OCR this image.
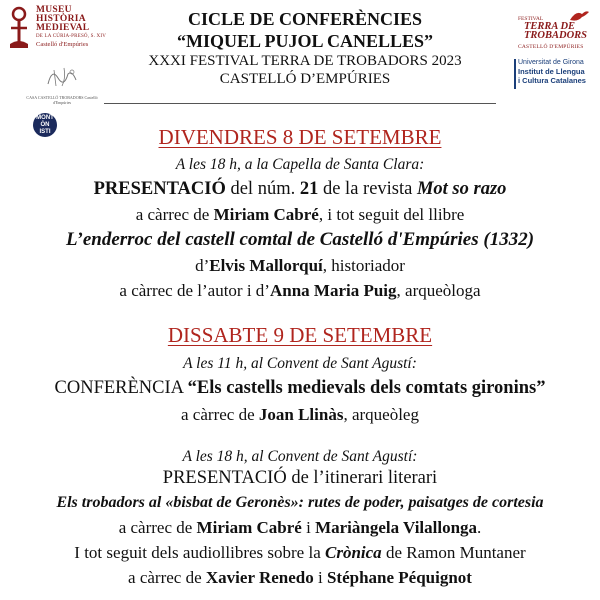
MUSEU
HISTÒRIA
MEDIEVAL
DE LA CÚRIA-PRESÓ, S. XIV
Castelló d'Empúries
CASA CASTELLÓ TROBADORS Castelló d'Empúries
MONT
ÒN
ISTI
FESTIVAL
TERRA DE TROBADORS
CASTELLÓ D'EMPÚRIES
Universitat de Girona
Institut de Llengua
i Cultura Catalanes
CICLE DE CONFERÈNCIES
“MIQUEL PUJOL CANELLES”
XXXI FESTIVAL TERRA DE TROBADORS 2023
CASTELLÓ D’EMPÚRIES
DIVENDRES 8 DE SETEMBRE
A les 18 h, a la Capella de Santa Clara:
PRESENTACIÓ del núm. 21 de la revista Mot so razo
a càrrec de Miriam Cabré, i tot seguit del llibre
L’enderroc del castell comtal de Castelló d'Empúries (1332)
d’Elvis Mallorquí, historiador
a càrrec de l’autor i d’Anna Maria Puig, arqueòloga
DISSABTE 9 DE SETEMBRE
A les 11 h, al Convent de Sant Agustí:
CONFERÈNCIA “Els castells medievals dels comtats gironins”
a càrrec de Joan Llinàs, arqueòleg
A les 18 h, al Convent de Sant Agustí:
PRESENTACIÓ de l’itinerari literari
Els trobadors al «bisbat de Geronès»: rutes de poder, paisatges de cortesia
a càrrec de Miriam Cabré i Mariàngela Vilallonga.
I tot seguit dels audiollibres sobre la Crònica de Ramon Muntaner
a càrrec de Xavier Renedo i Stéphane Péquignot
